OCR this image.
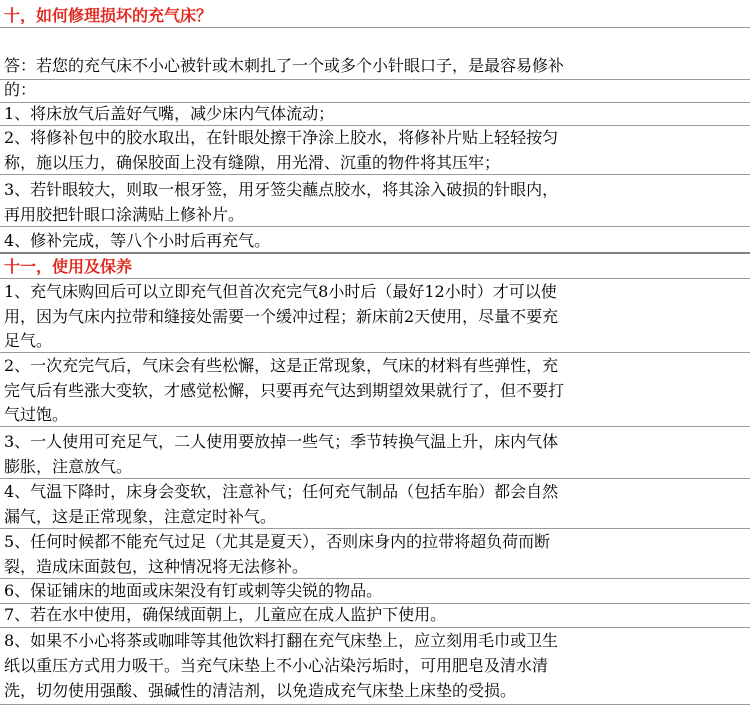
十，如何修理损坏的充气床？
答：若您的充气床不小心被针或木刺扎了一个或多个小针眼口子，是最容易修补
的：
1、将床放气后盖好气嘴，减少床内气体流动；
2、将修补包中的胶水取出，在针眼处擦干净涂上胶水，将修补片贴上轻轻按匀
称，施以压力，确保胶面上没有缝隙，用光滑、沉重的物件将其压牢；
3、若针眼较大，则取一根牙签，用牙签尖蘸点胶水，将其涂入破损的针眼内，
再用胶把针眼口涂满贴上修补片。
4、修补完成，等八个小时后再充气。
十一，使用及保养
1、充气床购回后可以立即充气但首次充完气8小时后（最好12小时）才可以使
用，因为气床内拉带和缝接处需要一个缓冲过程；新床前2天使用，尽量不要充
足气。
2、一次充完气后，气床会有些松懈，这是正常现象，气床的材料有些弹性，充
完气后有些涨大变软，才感觉松懈，只要再充气达到期望效果就行了，但不要打
气过饱。
3、一人使用可充足气，二人使用要放掉一些气；季节转换气温上升，床内气体
膨胀，注意放气。
4、气温下降时，床身会变软，注意补气；任何充气制品（包括车胎）都会自然
漏气，这是正常现象，注意定时补气。
5、任何时候都不能充气过足（尤其是夏天），否则床身内的拉带将超负荷而断
裂，造成床面鼓包，这种情况将无法修补。
6、保证铺床的地面或床架没有钉或刺等尖锐的物品。
7、若在水中使用，确保绒面朝上，儿童应在成人监护下使用。
8、如果不小心将茶或咖啡等其他饮料打翻在充气床垫上，应立刻用毛巾或卫生
纸以重压方式用力吸干。当充气床垫上不小心沾染污垢时，可用肥皂及清水清
洗，切勿使用强酸、强碱性的清洁剂，以免造成充气床垫上床垫的受损。
